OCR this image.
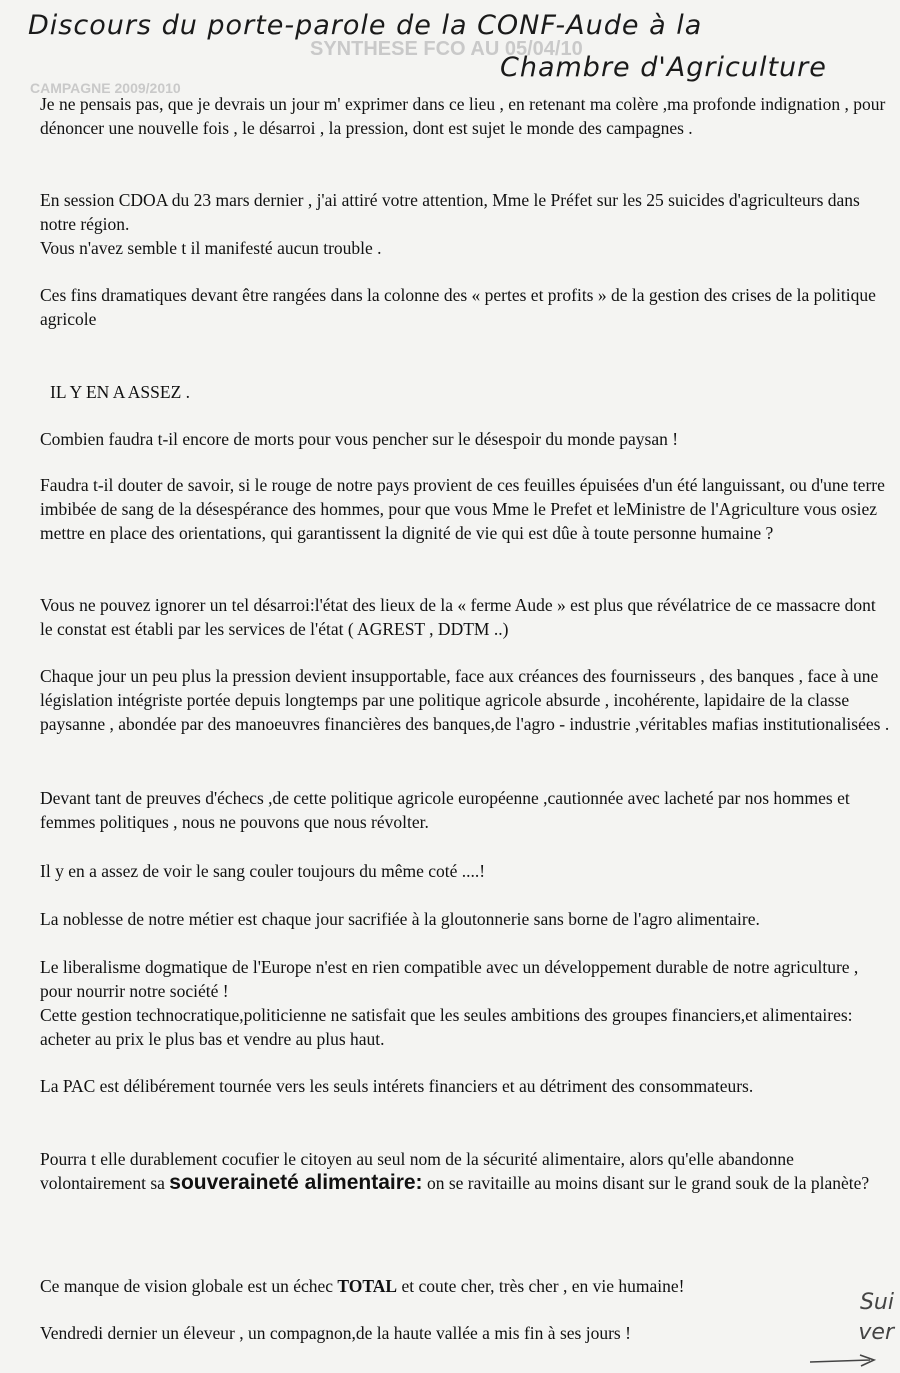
SYNTHESE FCO AU 05/04/10
CAMPAGNE 2009/2010
Discours du porte-parole de la CONF-Aude à la
Chambre d'Agriculture

Je ne pensais pas, que je devrais un jour m' exprimer dans ce lieu , en retenant ma colère ,ma profonde indignation , pour dénoncer une nouvelle fois , le désarroi , la pression, dont est sujet le monde des campagnes .

En session CDOA du 23 mars dernier , j'ai attiré votre attention, Mme le Préfet sur les 25 suicides d'agriculteurs dans notre région.

Vous n'avez semble t il manifesté aucun trouble .

Ces fins dramatiques devant être rangées dans la colonne des « pertes et profits » de la gestion des crises de la politique agricole

IL Y EN A ASSEZ .

Combien faudra t-il encore de morts pour vous pencher sur le désespoir du monde paysan !

Faudra t-il douter de savoir, si le rouge de notre pays provient de ces feuilles épuisées d'un été languissant, ou d'une terre imbibée de sang de la désespérance des hommes, pour que vous Mme le Prefet et leMinistre de l'Agriculture vous osiez mettre en place des orientations, qui garantissent la dignité de vie qui est dûe à toute personne humaine ?

Vous ne pouvez ignorer un tel désarroi:l'état des lieux de la « ferme Aude » est plus que révélatrice de ce massacre dont le constat est établi par les services de l'état ( AGREST , DDTM ..)

Chaque jour un peu plus la pression devient insupportable, face aux créances des fournisseurs , des banques , face à une législation intégriste portée depuis longtemps par une politique agricole absurde , incohérente, lapidaire de la classe paysanne , abondée par des manoeuvres financières des banques,de l'agro - industrie ,véritables mafias institutionalisées .

Devant tant de preuves d'échecs ,de cette politique agricole européenne ,cautionnée avec lacheté par nos hommes et femmes politiques , nous ne pouvons que nous révolter.

Il y en a assez de voir le sang couler toujours du même coté ....!

La noblesse de notre métier est chaque jour sacrifiée à la gloutonnerie sans borne de l'agro alimentaire.

Le liberalisme dogmatique de l'Europe n'est en rien compatible avec un développement durable de notre agriculture , pour nourrir notre société !

Cette gestion technocratique,politicienne ne satisfait que les seules ambitions des groupes financiers,et alimentaires: acheter au prix le plus bas et vendre au plus haut.

La PAC est délibérement tournée vers les seuls intérets financiers et au détriment des consommateurs.

Pourra t elle durablement cocufier le citoyen au seul nom de la sécurité alimentaire, alors qu'elle abandonne volontairement sa souveraineté alimentaire: on se ravitaille au moins disant sur le grand souk de la planète?

Ce manque de vision globale est un échec TOTAL et coute cher, très cher , en vie humaine!

Vendredi dernier un éleveur , un compagnon,de la haute vallée a mis fin à ses jours !

Sui
ver
